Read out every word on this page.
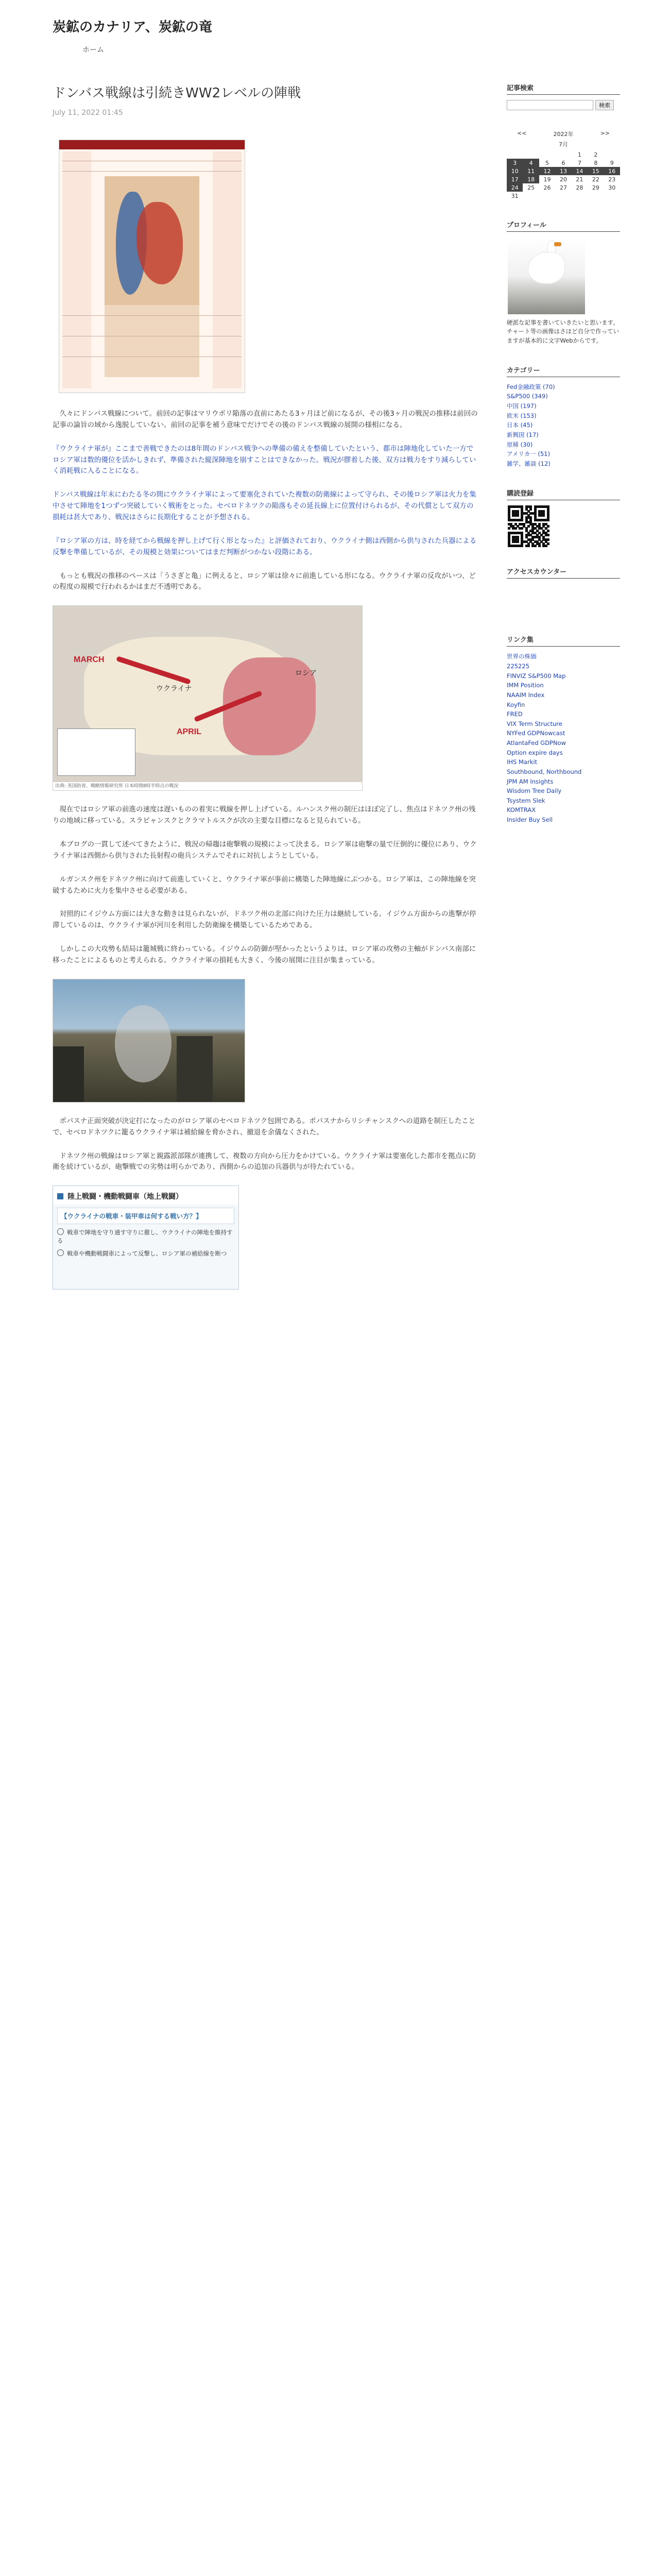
炭鉱のカナリア、炭鉱の竜
ホーム
ドンバス戦線は引続きWW2レベルの陣戦
July 11, 2022 01:45

　久々にドンバス戦線について。前回の記事はマリウポリ陥落の直前にあたる3ヶ月ほど前になるが、その後3ヶ月の戦況の推移は前回の記事の論旨の域から逸脱していない。前回の記事を補う意味でだけでその後のドンバス戦線の展開の様相になる。

『ウクライナ軍が』ここまで善戦できたのは8年間のドンバス戦争への準備の備えを整備していたという、都市は陣地化していた一方でロシア軍は数的優位を活かしきれず、準備された縦深陣地を崩すことはできなかった。戦況が膠着した後、双方は戦力をすり減らしていく消耗戦に入ることになる。

ドンバス戦線は年末にわたる冬の間にウクライナ軍によって要塞化されていた複数の防衛線によって守られ、その後ロシア軍は火力を集中させて陣地を1つずつ突破していく戦術をとった。セベロドネツクの陥落もその延長線上に位置付けられるが、その代償として双方の損耗は甚大であり、戦況はさらに長期化することが予想される。

『ロシア軍の方は、時を経てから戦線を押し上げて行く形となった』と評価されており、ウクライナ側は西側から供与された兵器による反撃を準備しているが、その規模と効果についてはまだ判断がつかない段階にある。

　もっとも戦況の推移のペースは「うさぎと亀」に例えると、ロシア軍は徐々に前進している形になる。ウクライナ軍の反攻がいつ、どの程度の規模で行われるかはまだ不透明である。

MARCH
APRIL
ウクライナ
ロシア
出典: 英国防省、戦略情報研究所 日本時間8時半時点の戦況

　現在ではロシア軍の前進の速度は遅いものの着実に戦線を押し上げている。ルハンスク州の制圧はほぼ完了し、焦点はドネツク州の残りの地域に移っている。スラビャンスクとクラマトルスクが次の主要な目標になると見られている。

　本ブログの一貫して述べてきたように、戦況の帰趨は砲撃戦の規模によって決まる。ロシア軍は砲撃の量で圧倒的に優位にあり、ウクライナ軍は西側から供与された長射程の砲兵システムでそれに対抗しようとしている。

　ルガンスク州をドネツク州に向けて前進していくと、ウクライナ軍が事前に構築した陣地線にぶつかる。ロシア軍は、この陣地線を突破するために火力を集中させる必要がある。

　対照的にイジウム方面には大きな動きは見られないが、ドネツク州の北部に向けた圧力は継続している。イジウム方面からの進撃が停滞しているのは、ウクライナ軍が河川を利用した防衛線を構築しているためである。

　しかしこの大攻勢も結局は籠城戦に終わっている。イジウムの防御が堅かったというよりは、ロシア軍の攻勢の主軸がドンバス南部に移ったことによるものと考えられる。ウクライナ軍の損耗も大きく、今後の展開に注目が集まっている。

　ポパスナ正面突破が決定打になったのがロシア軍のセベロドネツク包囲である。ポパスナからリシチャンスクへの道路を制圧したことで、セベロドネツクに籠るウクライナ軍は補給線を脅かされ、撤退を余儀なくされた。

　ドネツク州の戦線はロシア軍と親露派部隊が連携して、複数の方向から圧力をかけている。ウクライナ軍は要塞化した都市を拠点に防衛を続けているが、砲撃戦での劣勢は明らかであり、西側からの追加の兵器供与が待たれている。

陸上戦闘・機動戦闘車（地上戦闘）
【ウクライナの戦車・装甲車は何する戦い方？】
戦車で陣地を守り通す守りに徹し、ウクライナの陣地を維持する
戦車や機動戦闘車によって反撃し、ロシア軍の補給線を断つ
記事検索
検索
<<	2022年	>>
7月
				1	2	
3	4	5	6	7	8	9
10	11	12	13	14	15	16
17	18	19	20	21	22	23
24	25	26	27	28	29	30
31						
プロフィール
硬派な記事を書いていきたいと思います。チャート等の画像はさほど自分で作っていますが基本的に文字Webからです。
カテゴリー
Fed金融政策 (70)
S&P500 (349)
中国 (197)
欧米 (153)
日本 (45)
新興国 (17)
原稀 (30)
アメリカ一 (51)
雑学、雑談 (12)
購読登録
アクセスカウンター
リンク集
世界の株価
225225
FINVIZ S&P500 Map
IMM Position
NAAIM Index
Koyfin
FRED
VIX Term Structure
NYFed GDPNowcast
AtlantaFed GDPNow
Option expire days
IHS Markit
Southbound, Northbound
JPM AM Insights
Wisdom Tree Daily
Tsystem Slek
KOMTRAX
Insider Buy Sell
